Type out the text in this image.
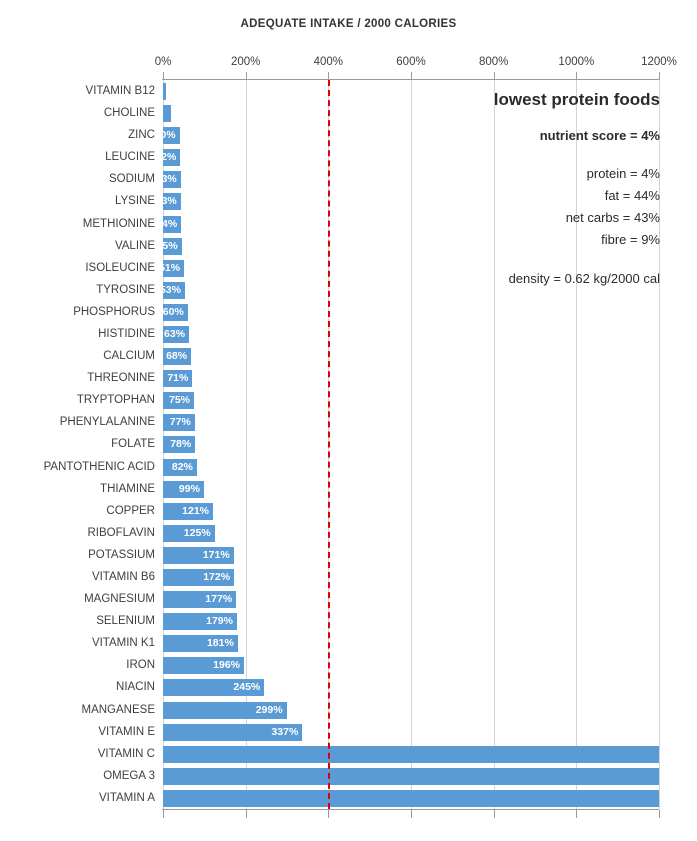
ADEQUATE INTAKE / 2000 CALORIES
0%	200%	400%	600%	800%	1000%	1200%
VITAMIN B12
CHOLINE
ZINC 40%
LEUCINE 42%
SODIUM 43%
LYSINE 43%
METHIONINE 44%
VALINE 45%
ISOLEUCINE 51%
TYROSINE 53%
PHOSPHORUS 60%
HISTIDINE 63%
CALCIUM 68%
THREONINE 71%
TRYPTOPHAN 75%
PHENYLALANINE 77%
FOLATE 78%
PANTOTHENIC ACID 82%
THIAMINE 99%
COPPER	121%
RIBOFLAVIN	125%
POTASSIUM	171%
VITAMIN B6	172%
MAGNESIUM	177%
SELENIUM	179%
VITAMIN K1	181%
IRON	196%
NIACIN	245%
MANGANESE	299%
VITAMIN E	337%
VITAMIN C
OMEGA 3
VITAMIN A
lowest protein foods
nutrient score = 4%
protein = 4%
fat = 44%
net carbs = 43%
fibre = 9%
density = 0.62 kg/2000 cal
